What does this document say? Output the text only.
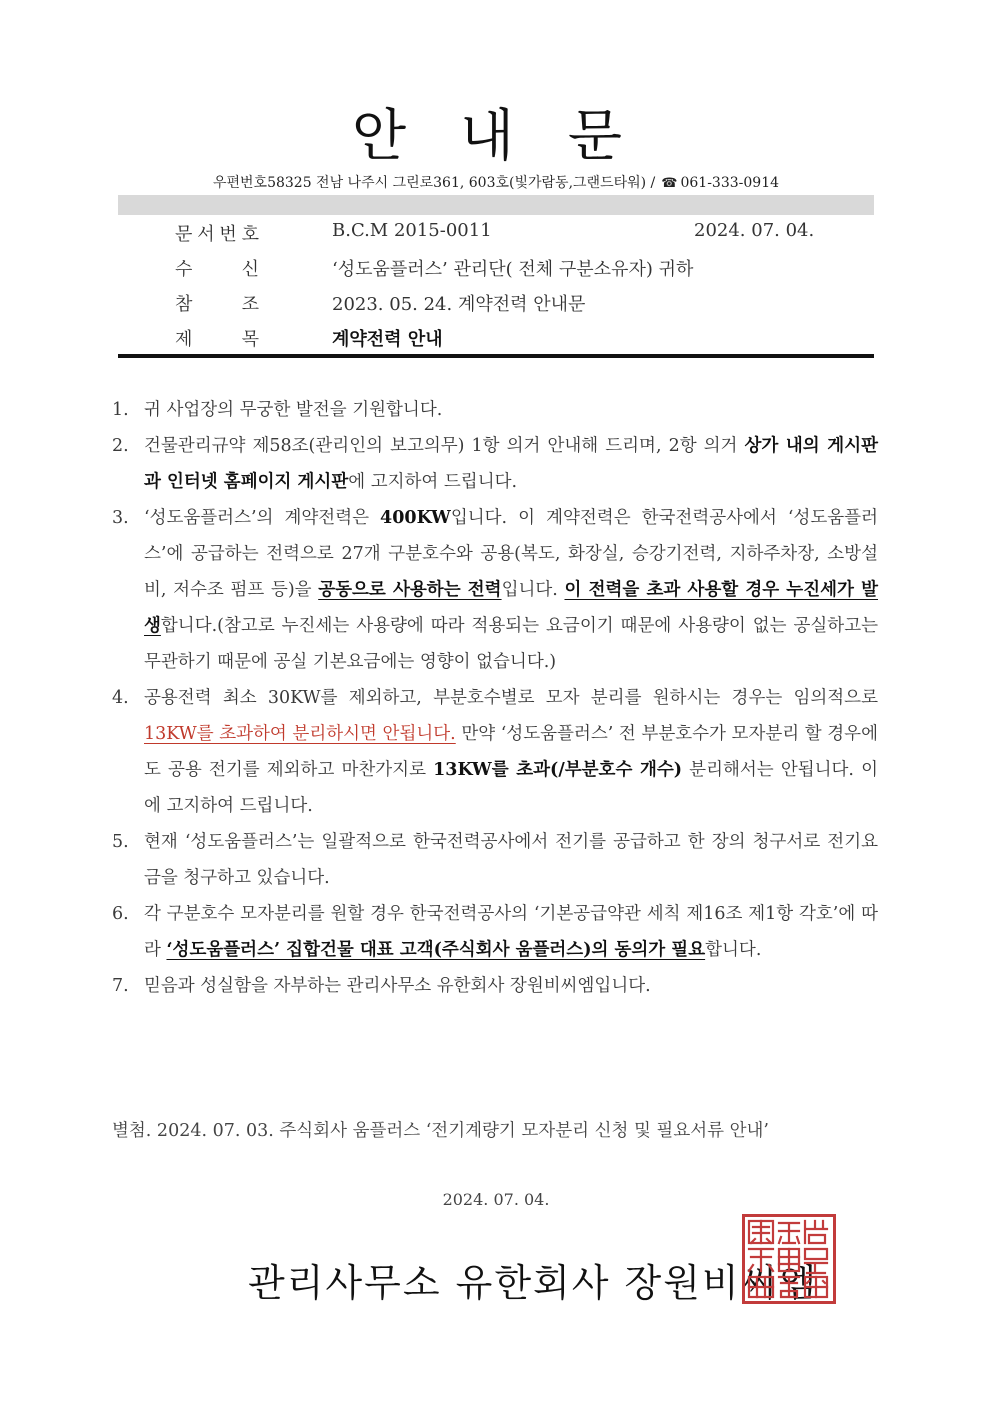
안 내 문
우편번호58325 전남 나주시 그린로361, 603호(빛가람동,그랜드타워) / ☎ 061-333-0914
문 서 번 호	B.C.M 2015-0011	2024. 07. 04.
수	신	‘성도움플러스’ 관리단( 전체 구분소유자) 귀하
참	조	2023. 05. 24. 계약전력 안내문
제	목	계약전력 안내
1. 귀 사업장의 무궁한 발전을 기원합니다.
2. 건물관리규약 제58조(관리인의 보고의무) 1항 의거 안내해 드리며, 2항 의거 상가 내의 게시판과 인터넷 홈페이지 게시판에 고지하여 드립니다.
3. ‘성도움플러스’의 계약전력은 400KW입니다. 이 계약전력은 한국전력공사에서 ‘성도움플러스’에 공급하는 전력으로 27개 구분호수와 공용(복도, 화장실, 승강기전력, 지하주차장, 소방설비, 저수조 펌프 등)을 공동으로 사용하는 전력입니다. 이 전력을 초과 사용할 경우 누진세가 발생합니다.(참고로 누진세는 사용량에 따라 적용되는 요금이기 때문에 사용량이 없는 공실하고는 무관하기 때문에 공실 기본요금에는 영향이 없습니다.)
4. 공용전력 최소 30KW를 제외하고, 부분호수별로 모자 분리를 원하시는 경우는 임의적으로 13KW를 초과하여 분리하시면 안됩니다. 만약 ‘성도움플러스’ 전 부분호수가 모자분리 할 경우에도 공용 전기를 제외하고 마찬가지로 13KW를 초과(/부분호수 개수) 분리해서는 안됩니다. 이에 고지하여 드립니다.
5. 현재 ‘성도움플러스’는 일괄적으로 한국전력공사에서 전기를 공급하고 한 장의 청구서로 전기요금을 청구하고 있습니다.
6. 각 구분호수 모자분리를 원할 경우 한국전력공사의 ‘기본공급약관 세칙 제16조 제1항 각호’에 따라 ‘성도움플러스’ 집합건물 대표 고객(주식회사 움플러스)의 동의가 필요합니다.
7. 믿음과 성실함을 자부하는 관리사무소 유한회사 장원비씨엠입니다.
별첨. 2024. 07. 03. 주식회사 움플러스 ‘전기계량기 모자분리 신청 및 필요서류 안내’
2024. 07. 04.
관리사무소 유한회사 장원비씨엠
